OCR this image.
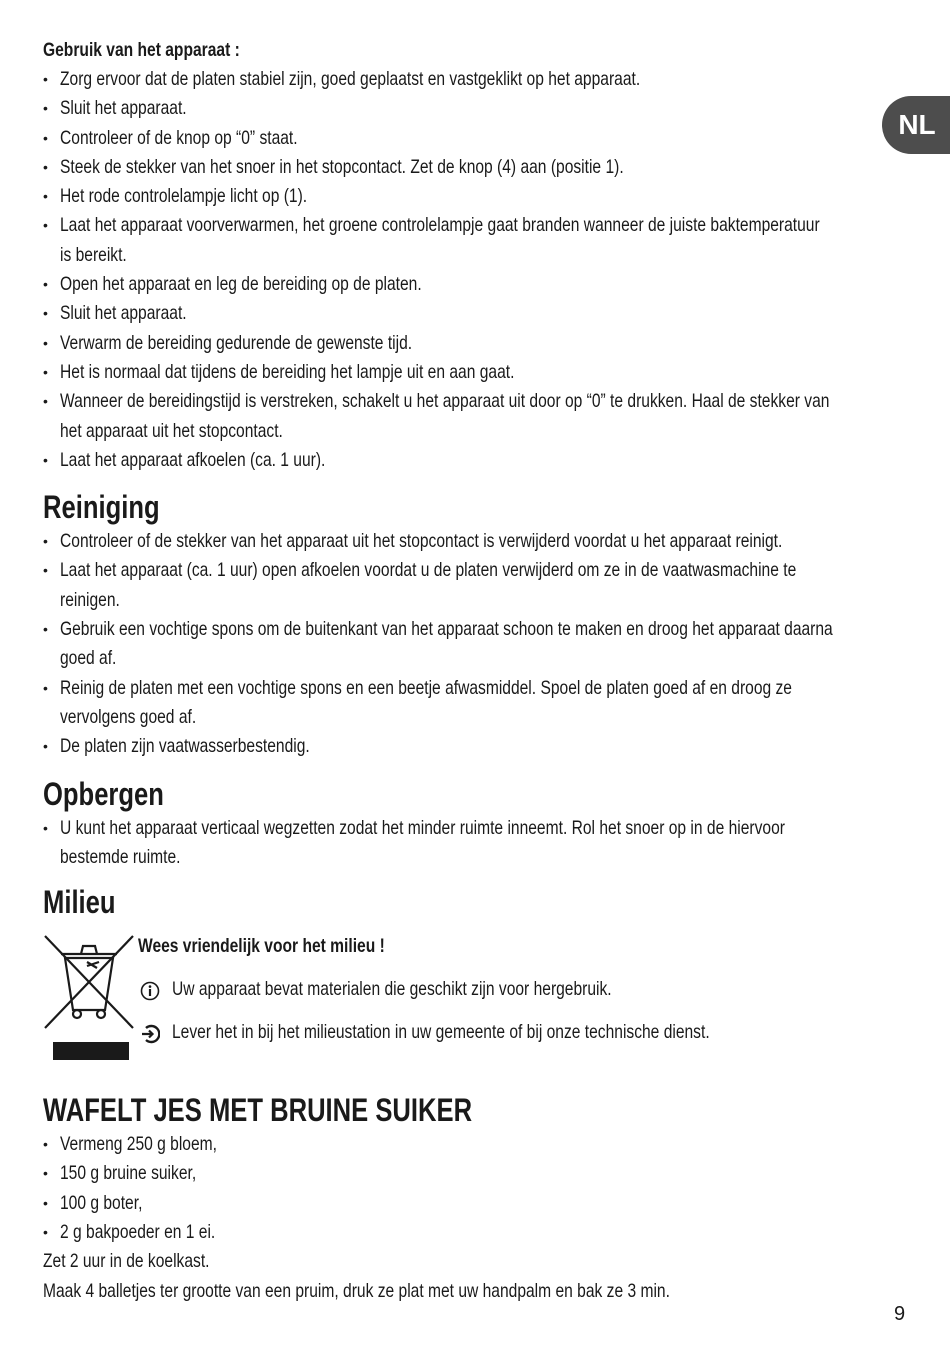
NL
Gebruik van het apparaat :
• Zorg ervoor dat de platen stabiel zijn, goed geplaatst en vastgeklikt op het apparaat.
• Sluit het apparaat.
• Controleer of de knop op “0” staat.
• Steek de stekker van het snoer in het stopcontact. Zet de knop (4) aan (positie 1).
• Het rode controlelampje licht op (1).
• Laat het apparaat voorverwarmen, het groene controlelampje gaat branden wanneer de juiste baktemperatuur
is bereikt.
• Open het apparaat en leg de bereiding op de platen.
• Sluit het apparaat.
• Verwarm de bereiding gedurende de gewenste tijd.
• Het is normaal dat tijdens de bereiding het lampje uit en aan gaat.
• Wanneer de bereidingstijd is verstreken, schakelt u het apparaat uit door op “0” te drukken. Haal de stekker van
het apparaat uit het stopcontact.
• Laat het apparaat afkoelen (ca. 1 uur).
Reiniging
• Controleer of de stekker van het apparaat uit het stopcontact is verwijderd voordat u het apparaat reinigt.
• Laat het apparaat (ca. 1 uur) open afkoelen voordat u de platen verwijderd om ze in de vaatwasmachine te
reinigen.
• Gebruik een vochtige spons om de buitenkant van het apparaat schoon te maken en droog het apparaat daarna
goed af.
• Reinig de platen met een vochtige spons en een beetje afwasmiddel. Spoel de platen goed af en droog ze
vervolgens goed af.
• De platen zijn vaatwasserbestendig.
Opbergen
• U kunt het apparaat verticaal wegzetten zodat het minder ruimte inneemt. Rol het snoer op in de hiervoor
bestemde ruimte.
Milieu
Wees vriendelijk voor het milieu !
Uw apparaat bevat materialen die geschikt zijn voor hergebruik.
Lever het in bij het milieustation in uw gemeente of bij onze technische dienst.
WAFELT JES MET BRUINE SUIKER
• Vermeng 250 g bloem,
• 150 g bruine suiker,
• 100 g boter,
• 2 g bakpoeder en 1 ei.
Zet 2 uur in de koelkast.
Maak 4 balletjes ter grootte van een pruim, druk ze plat met uw handpalm en bak ze 3 min.
9
